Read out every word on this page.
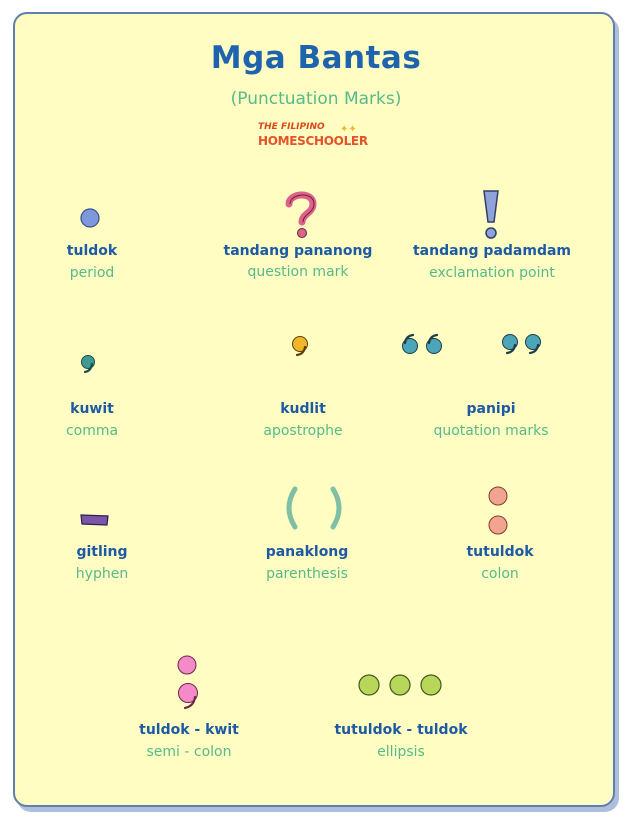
Mga Bantas
(Punctuation Marks)
THE FILIPINO
HOMESCHOOLER
✦✦
tuldok
period
tandang pananong
question mark
tandang padamdam
exclamation point
kuwit
comma
kudlit
apostrophe
panipi
quotation marks
gitling
hyphen
panaklong
parenthesis
tutuldok
colon
tuldok - kwit
semi - colon
tutuldok - tuldok
ellipsis
